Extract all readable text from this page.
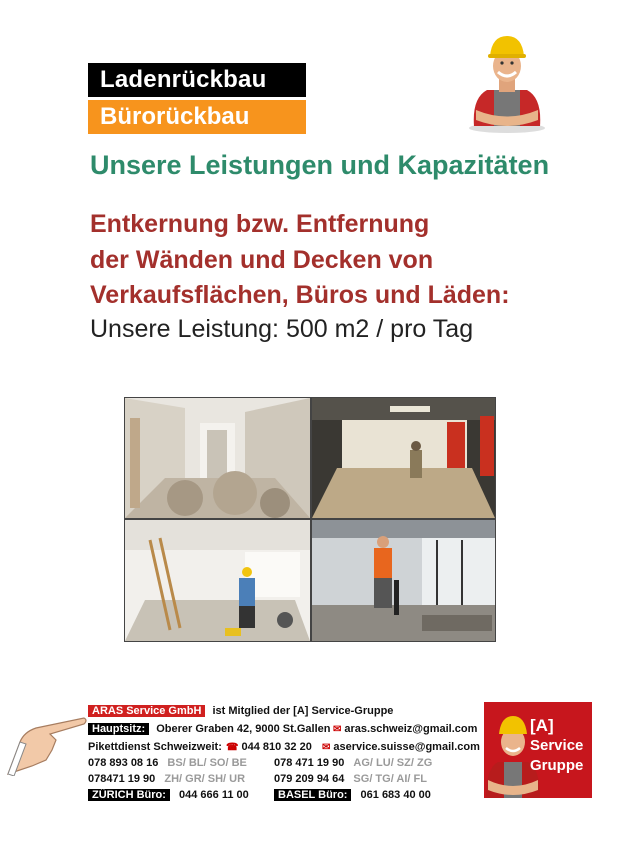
Ladenrückbau
Bürorückbau
Unsere Leistungen und Kapazitäten
Entkernung bzw. Entfernung
der Wänden und Decken von
Verkaufsflächen, Büros und Läden:
Unsere Leistung: 500 m2 / pro Tag
ARAS Service GmbH ist Mitglied der [A] Service-Gruppe
Hauptsitz: Oberer Graben 42, 9000 St.Gallen ✉ aras.schweiz@gmail.com
Pikettdienst Schweizweit: ☎ 044 810 32 20 ✉ aservice.suisse@gmail.com
078 893 08 16 BS/ BL/ SO/ BE 078 471 19 90 AG/ LU/ SZ/ ZG
078471 19 90 ZH/ GR/ SH/ UR	079 209 94 64 SG/ TG/ AI/ FL
ZÜRICH Büro: 044 666 11 00	BASEL Büro: 061 683 40 00
[A]
Service
Gruppe
